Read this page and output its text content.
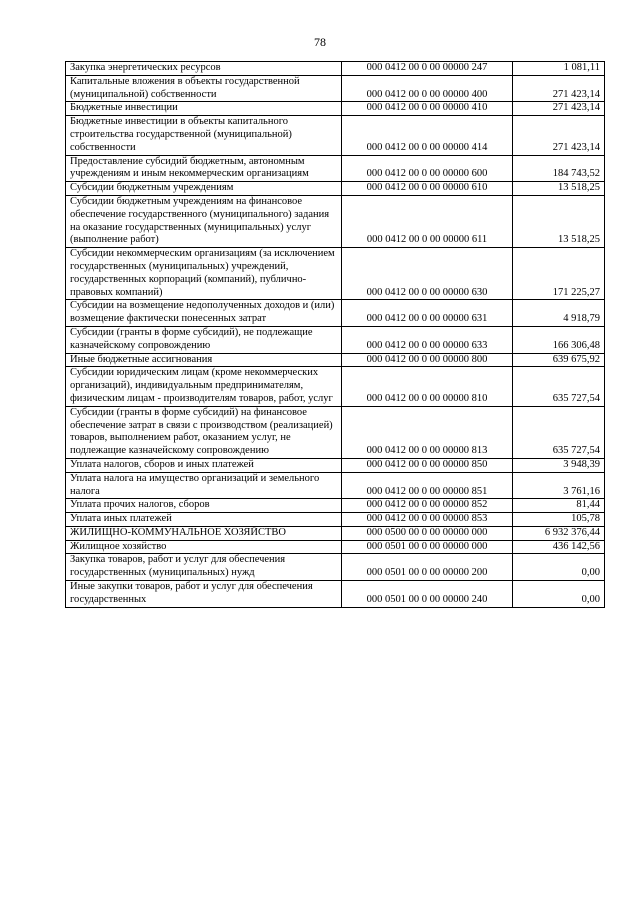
78
Закупка энергетических ресурсов	000 0412 00 0 00 00000 247	1 081,11
Капитальные вложения в объекты государственной (муниципальной) собственности	000 0412 00 0 00 00000 400	271 423,14
Бюджетные инвестиции	000 0412 00 0 00 00000 410	271 423,14
Бюджетные инвестиции в объекты капитального строительства государственной (муниципальной) собственности	000 0412 00 0 00 00000 414	271 423,14
Предоставление субсидий бюджетным, автономным учреждениям и иным некоммерческим организациям	000 0412 00 0 00 00000 600	184 743,52
Субсидии бюджетным учреждениям	000 0412 00 0 00 00000 610	13 518,25
Субсидии бюджетным учреждениям на финансовое обеспечение государственного (муниципального) задания на оказание государственных (муниципальных) услуг (выполнение работ)	000 0412 00 0 00 00000 611	13 518,25
Субсидии некоммерческим организациям (за исключением государственных (муниципальных) учреждений, государственных корпораций (компаний), публично-правовых компаний)	000 0412 00 0 00 00000 630	171 225,27
Субсидии на возмещение недополученных доходов и (или) возмещение фактически понесенных затрат	000 0412 00 0 00 00000 631	4 918,79
Субсидии (гранты в форме субсидий), не подлежащие казначейскому сопровождению	000 0412 00 0 00 00000 633	166 306,48
Иные бюджетные ассигнования	000 0412 00 0 00 00000 800	639 675,92
Субсидии юридическим лицам (кроме некоммерческих организаций), индивидуальным предпринимателям, физическим лицам - производителям товаров, работ, услуг	000 0412 00 0 00 00000 810	635 727,54
Субсидии (гранты в форме субсидий) на финансовое обеспечение затрат в связи с производством (реализацией) товаров, выполнением работ, оказанием услуг, не подлежащие казначейскому сопровождению	000 0412 00 0 00 00000 813	635 727,54
Уплата налогов, сборов и иных платежей	000 0412 00 0 00 00000 850	3 948,39
Уплата налога на имущество организаций и земельного налога	000 0412 00 0 00 00000 851	3 761,16
Уплата прочих налогов, сборов	000 0412 00 0 00 00000 852	81,44
Уплата иных платежей	000 0412 00 0 00 00000 853	105,78
ЖИЛИЩНО-КОММУНАЛЬНОЕ ХОЗЯЙСТВО	000 0500 00 0 00 00000 000	6 932 376,44
Жилищное хозяйство	000 0501 00 0 00 00000 000	436 142,56
Закупка товаров, работ и услуг для обеспечения государственных (муниципальных) нужд	000 0501 00 0 00 00000 200	0,00
Иные закупки товаров, работ и услуг для обеспечения государственных	000 0501 00 0 00 00000 240	0,00
